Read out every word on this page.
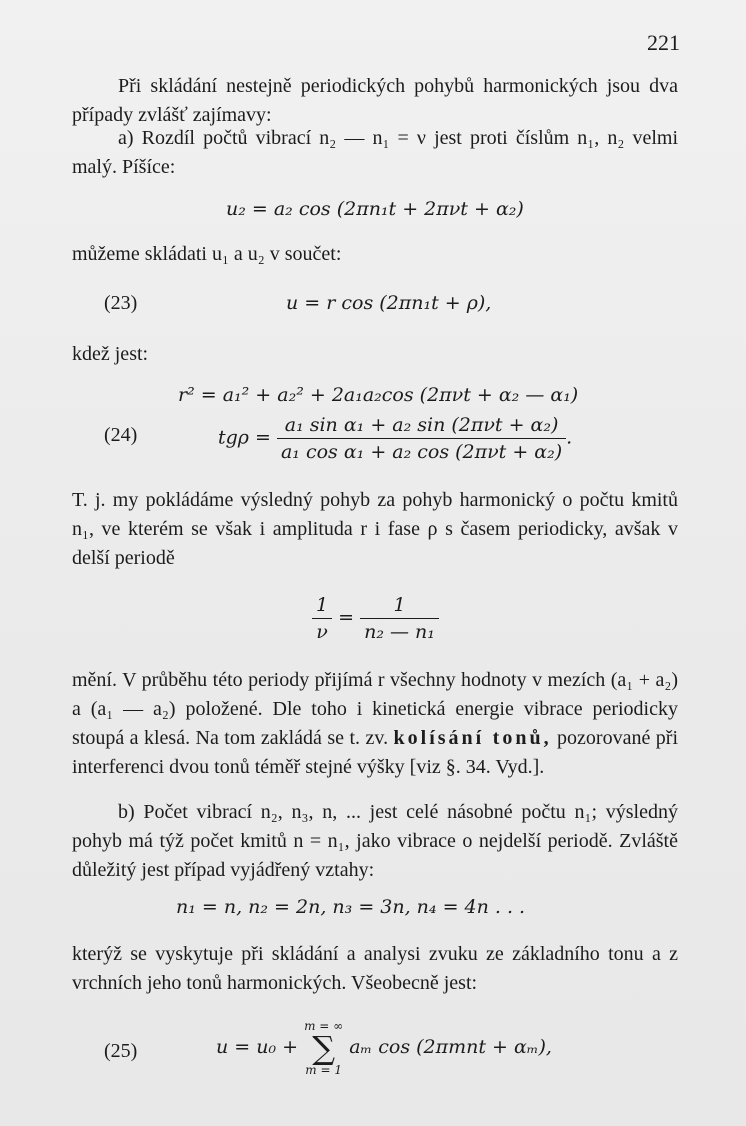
221

Při skládání nestejně periodických pohybů harmonických jsou dva případy zvlášť zajímavy:

a) Rozdíl počtů vibrací n₂ — n₁ = ν jest proti číslům n₁, n₂ velmi malý. Píšíce:

u₂ = a₂ cos (2πn₁t + 2πνt + α₂)

můžeme skládati u₁ a u₂ v součet:

(23)	u = r cos (2πn₁t + ρ),

kdež jest:

r² = a₁² + a₂² + 2a₁a₂cos (2πνt + α₂ — α₁)
(24)	$tg\rho = \frac{\text{a₁ sin α₁ + a₂ sin (2πνt + α₂)}}{\text{a₁ cos α₁ + a₂ cos (2πνt + α₂)}}$ .

T. j. my pokládáme výsledný pohyb za pohyb harmonický o počtu kmitů n₁, ve kterém se však i amplituda r i fase ρ s časem periodicky, avšak v delší periodě

$\frac{1}{\nu} = \frac{1}{\text{n₂ — n₁}}$

mění. V průběhu této periody přijímá r všechny hodnoty v mezích (a₁ + a₂) a (a₁ — a₂) položené. Dle toho i kinetická energie vibrace periodicky stoupá a klesá. Na tom zakládá se t. zv. kolísání tonů, pozorované při interferenci dvou tonů téměř stejné výšky [viz §. 34. Vyd.].

b) Počet vibrací n₂, n₃, n, ... jest celé násobné počtu n₁; výsledný pohyb má týž počet kmitů n = n₁, jako vibrace o nejdelší periodě. Zvláště důležitý jest případ vyjádřený vztahy:

n₁ = n, n₂ = 2n, n₃ = 3n, n₄ = 4n . . .

kterýž se vyskytuje při skládání a analysi zvuku ze základního tonu a z vrchních jeho tonů harmonických. Všeobecně jest:

(25)	u = u₀ +
m = ∞
∑
m = 1
aₘ cos (2πmnt + αₘ),
